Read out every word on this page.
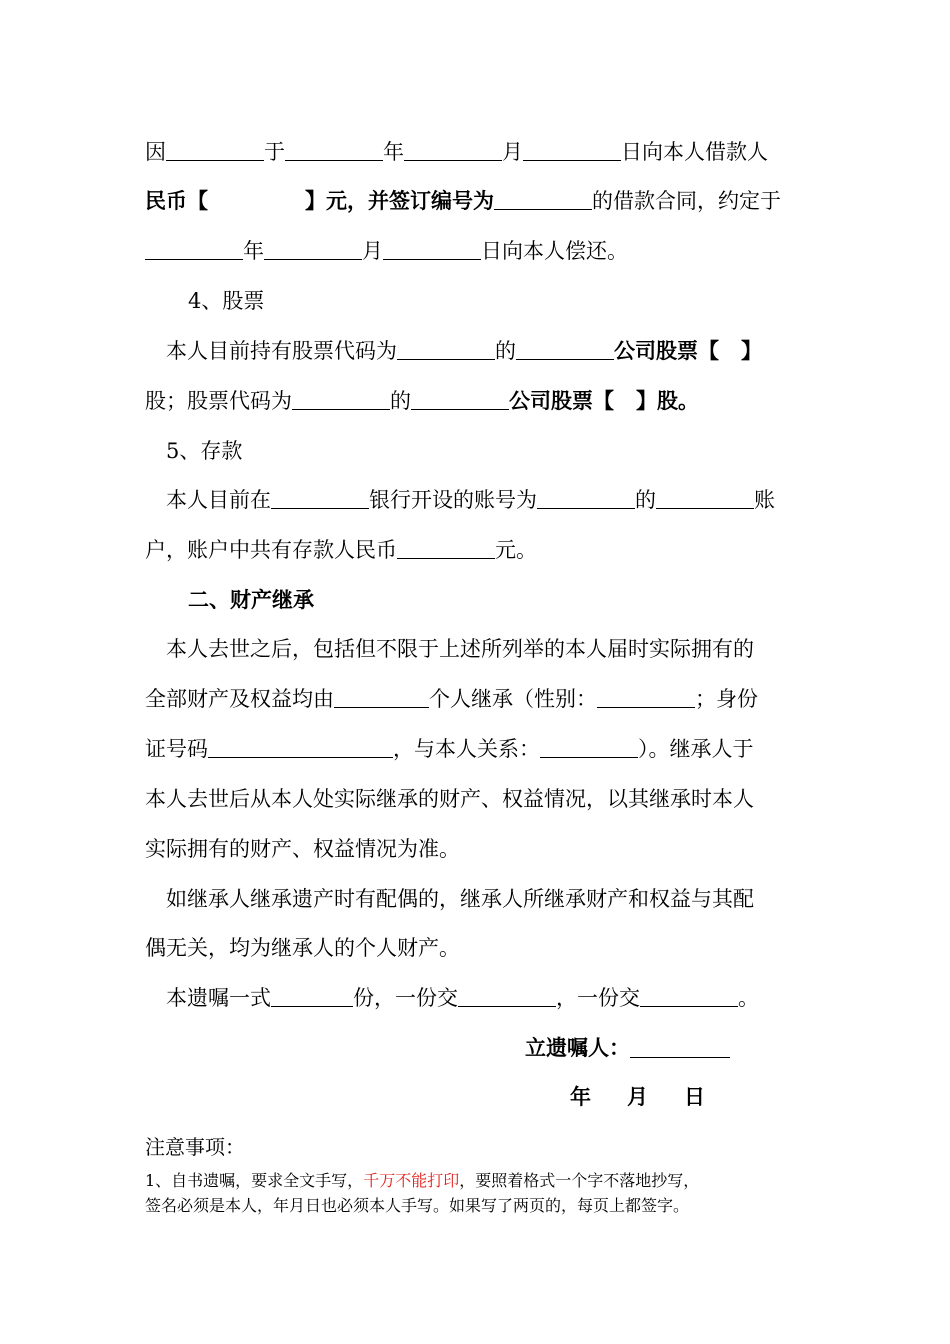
因	于	年	月	日向本人借款人
民币【	】元，并签订编号为	的借款合同，约定于
年	月	日向本人偿还。
4、股票
本人目前持有股票代码为	的	公司股票【 】
股；股票代码为	的	公司股票【 】股。
5、存款
本人目前在	银行开设的账号为	的	账
户，账户中共有存款人民币	元。
二、财产继承
本人去世之后，包括但不限于上述所列举的本人届时实际拥有的
全部财产及权益均由	个人继承（性别：	；身份
证号码	，与本人关系：	）。继承人于
本人去世后从本人处实际继承的财产、权益情况，以其继承时本人
实际拥有的财产、权益情况为准。
如继承人继承遗产时有配偶的，继承人所继承财产和权益与其配
偶无关，均为继承人的个人财产。
本遗嘱一式	份，一份交	，一份交	。
立遗嘱人：
年 月 日
注意事项：
1、自书遗嘱，要求全文手写，千万不能打印，要照着格式一个字不落地抄写，
签名必须是本人，年月日也必须本人手写。如果写了两页的，每页上都签字。
